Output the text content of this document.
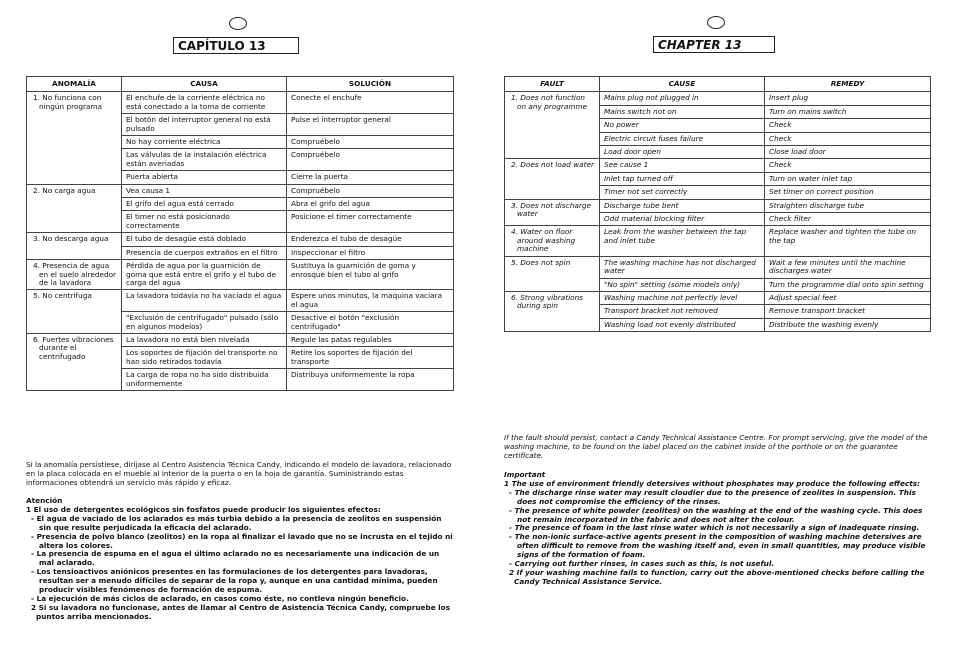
CAPÍTULO 13
ANOMALÍA	CAUSA	SOLUCIÓN
1. No funciona con ningún programa	El enchufe de la corriente eléctrica no está conectado a la toma de corriente	Conecte el enchufe
	El botón del interruptor general no está pulsado	Pulse el interruptor general
	No hay corriente eléctrica	Compruébelo
	Las válvulas de la instalación eléctrica están averiadas	Compruébelo
	Puerta abierta	Cierre la puerta
2. No carga agua	Vea causa 1	Compruébelo
	El grifo del agua está cerrado	Abra el grifo del agua
	El timer no está posicionado correctamente	Posicione el timer correctamente
3. No descarga agua	El tubo de desagüe está doblado	Enderezca el tubo de desagüe
	Presencia de cuerpos extraños en el filtro	Inspeccionar el filtro
4. Presencia de agua en el suelo alrededor de la lavadora	Pérdida de agua por la guarnición de goma que está entre el grifo y el tubo de carga del agua	Sustituya la guarnición de goma y enrosque bien el tubo al grifo
5. No centrifuga	La lavadora todavía no ha vaciado el agua	Espere unos minutos, la maquina vaciara el agua
	"Exclusión de centrifugado" pulsado (sólo en algunos modelos)	Desactive el botón "exclusión centrifugado"
6. Fuertes vibraciones durante el centrifugado	La lavadora no está bien nivelada	Regule las patas regulables
	Los soportes de fijación del transporte no han sido retirados todavía	Retire los soportes de fijación del transporte
	La carga de ropa no ha sido distribuida uniformemente	Distribuya uniformemente la ropa

Si la anomalía persistiese, diríjase al Centro Asistencia Técnica Candy, indicando el modelo de lavadora, relacionado en la placa colocada en el mueble al interior de la puerta o en la hoja de garantía. Suministrando estas informaciones obtendrá un servicio más rápido y eficaz.

Atención

1 El uso de detergentes ecológicos sin fosfatos puede producir los siguientes efectos:

- El agua de vaciado de los aclarados es más turbia debido a la presencia de zeolitos en suspensión sin que resulte perjudicada la eficacia del aclarado.

- Presencia de polvo blanco (zeolitos) en la ropa al finalizar el lavado que no se incrusta en el tejido ni altera los colores.

- La presencia de espuma en el agua el último aclarado no es necesariamente una indicación de un mal aclarado.

- Los tensioactivos aniónicos presentes en las formulaciones de los detergentes para lavadoras, resultan ser a menudo difíciles de separar de la ropa y, aunque en una cantidad mínima, pueden producir visibles fenómenos de formación de espuma.

- La ejecución de más ciclos de aclarado, en casos como éste, no contleva ningún beneficio.

2 Si su lavadora no funcionase, antes de llamar al Centro de Asistencia Técnica Candy, compruebe los puntos arriba mencionados.

CHAPTER 13
FAULT	CAUSE	REMEDY
1. Does not function on any programme	Mains plug not plugged in	Insert plug
	Mains switch not on	Turn on mains switch
	No power	Check
	Electric circuit fuses failure	Check
	Load door open	Close load door
2. Does not load water	See cause 1	Check
	Inlet tap turned off	Turn on water inlet tap
	Timer not set correctly	Set timer on correct position
3. Does not discharge water	Discharge tube bent	Straighten discharge tube
	Odd material blocking filter	Check filter
4. Water on floor around washing machine	Leak from the washer between the tap and inlet tube	Replace washer and tighten the tube on the tap
5. Does not spin	The washing machine has not discharged water	Wait a few minutes until the machine discharges water
	"No spin" setting (some models only)	Turn the programme dial onto spin setting
6. Strong vibrations during spin	Washing machine not perfectly level	Adjust special feet
	Transport bracket not removed	Remove transport bracket
	Washing load not evenly distributed	Distribute the washing evenly

If the fault should persist, contact a Candy Technical Assistance Centre. For prompt servicing, give the model of the washing machine, to be found on the label placed on the cabinet inside of the porthole or on the guarantee certificate.

Important

1 The use of environment friendly detersives without phosphates may produce the following effects:

- The discharge rinse water may result cloudier due to the presence of zeolites in suspension. This does not compromise the efficiency of the rinses.

- The presence of white powder (zeolites) on the washing at the end of the washing cycle. This does not remain incorporated in the fabric and does not alter the colour.

- The presence of foam in the last rinse water which is not necessarily a sign of inadequate rinsing.

- The non-ionic surface-active agents present in the composition of washing machine detersives are often difficult to remove from the washing itself and, even in small quantities, may produce visible signs of the formation of foam.

- Carrying out further rinses, in cases such as this, is not useful.

2 If your washing machine fails to function, carry out the above-mentioned checks before calling the Candy Technical Assistance Service.
